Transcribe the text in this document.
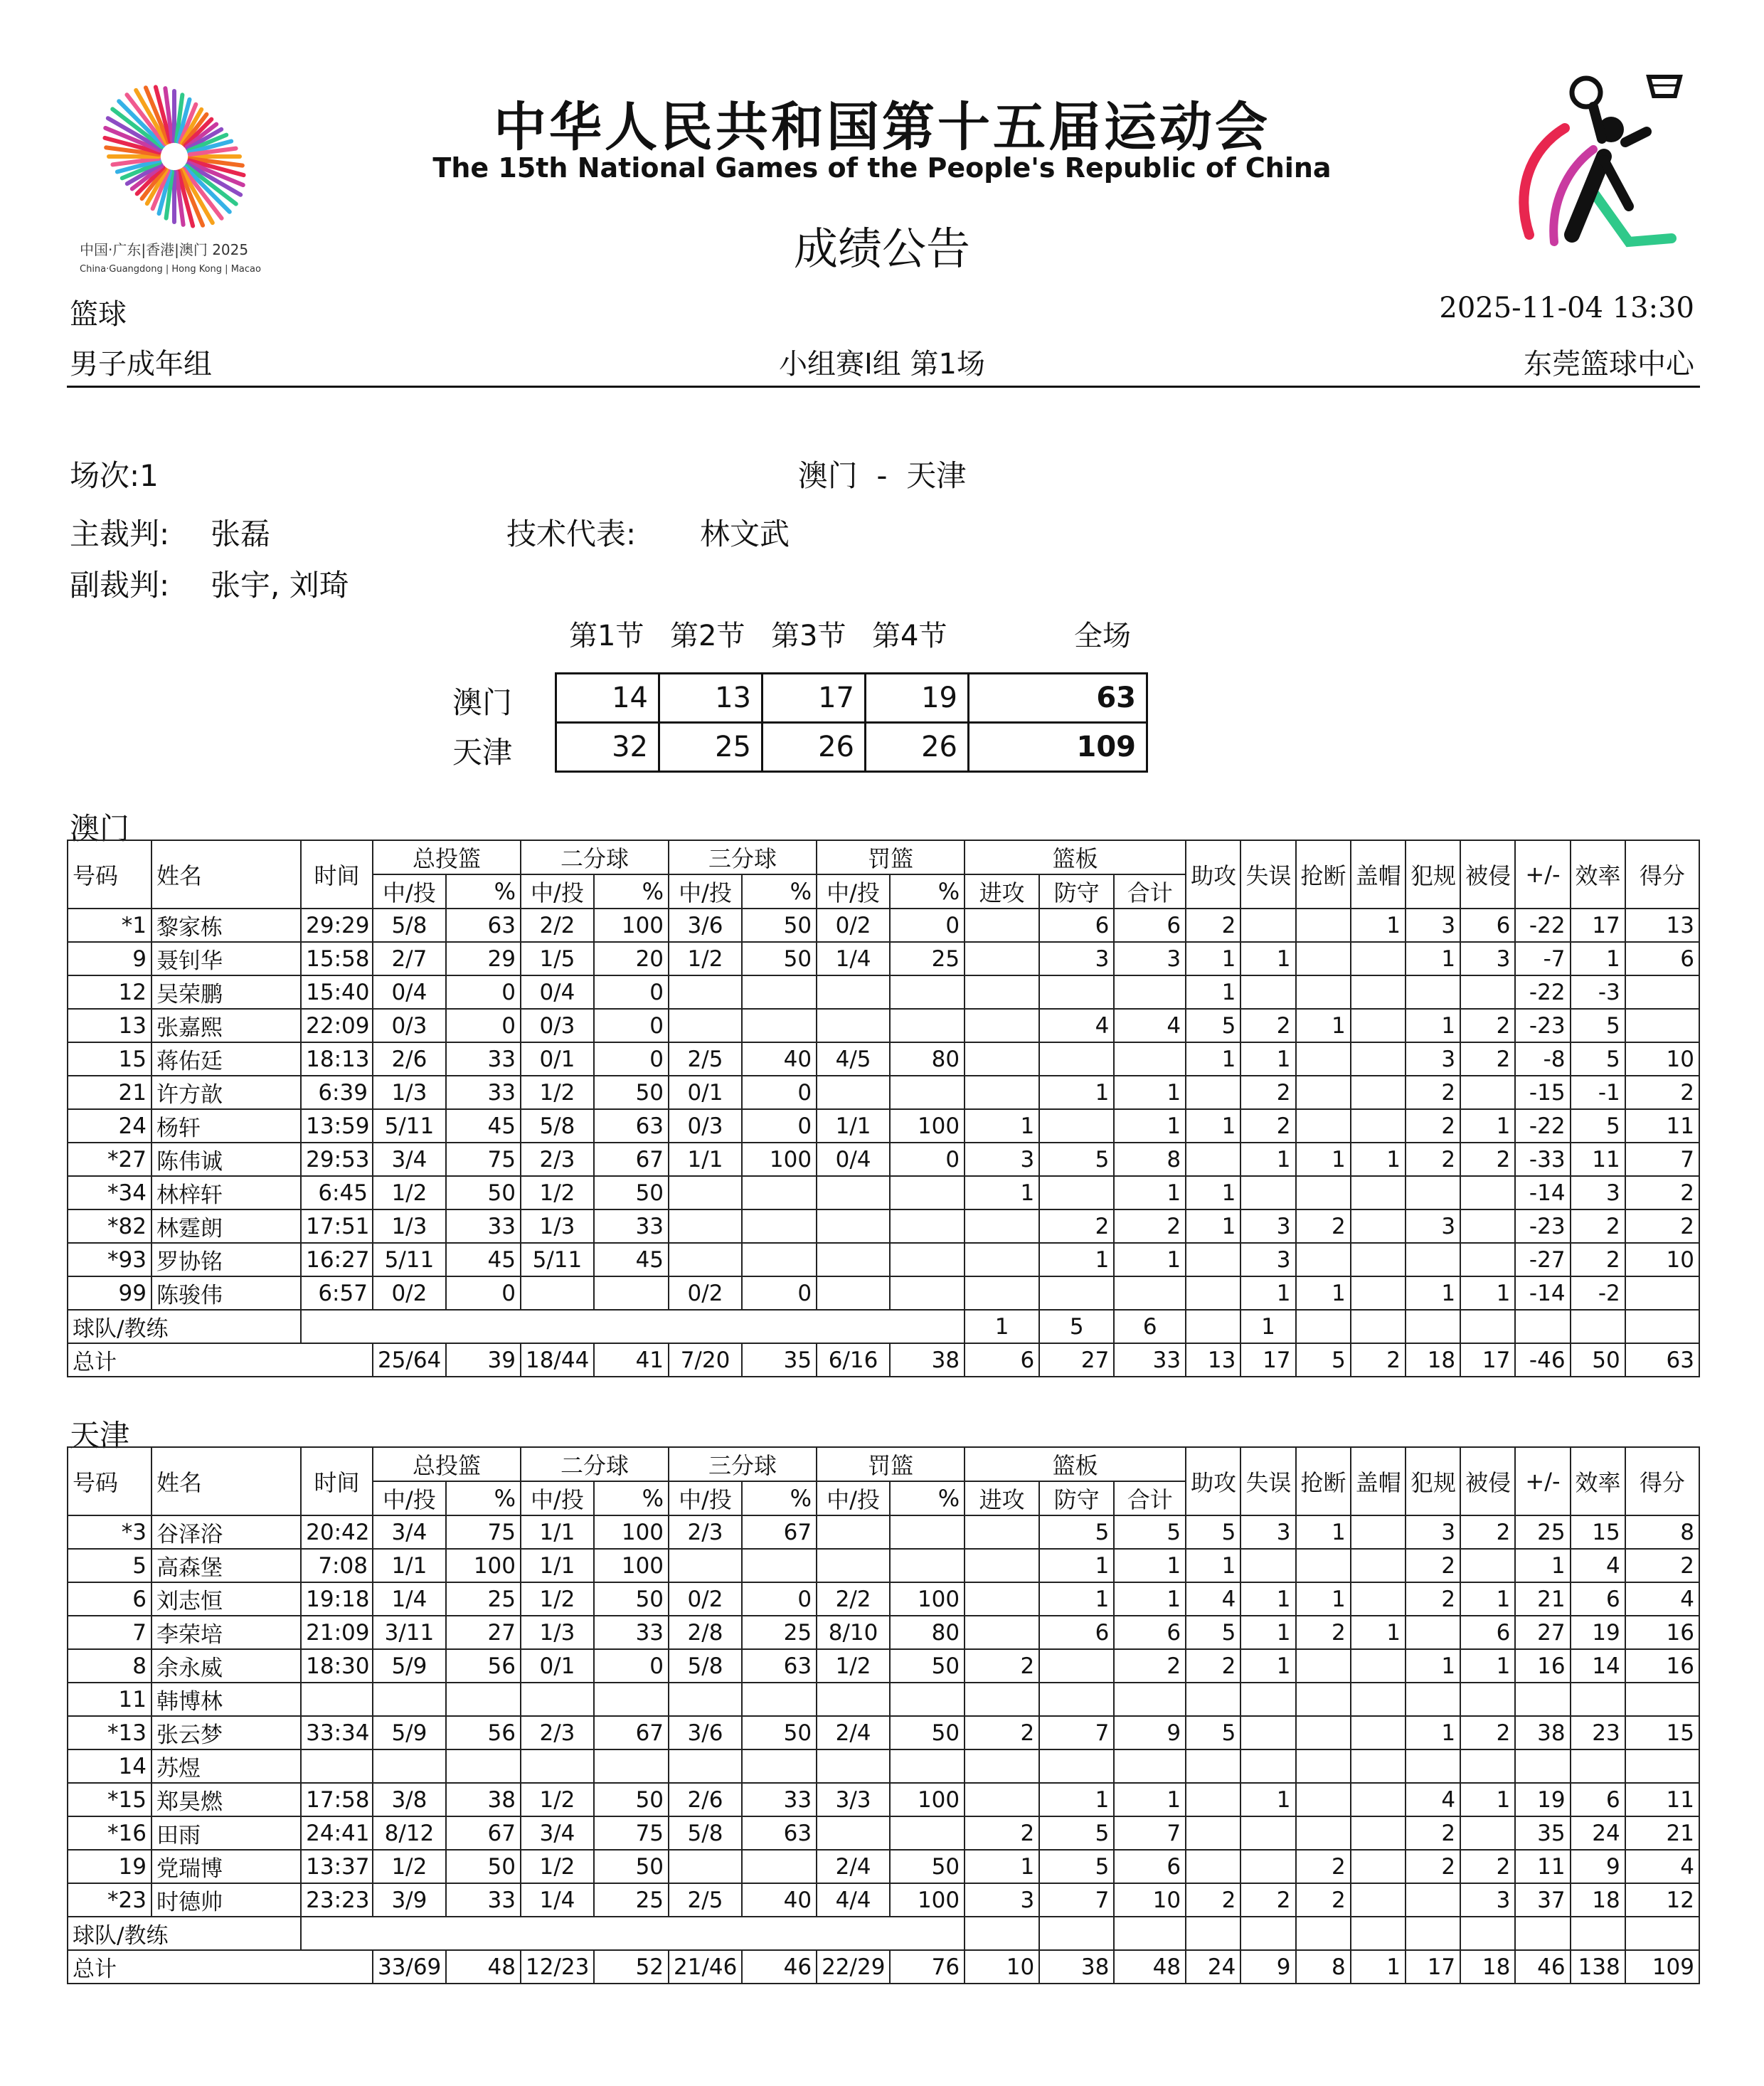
中国·广东|香港|澳门 2025
China·Guangdong | Hong Kong | Macao
中华人民共和国第十五届运动会
The 15th National Games of the People's Republic of China
成绩公告
篮球	2025-11-04 13:30
男子成年组	小组赛I组 第1场	东莞篮球中心
场次:1	澳门  -  天津
主裁判: 张磊	技术代表: 林文武
副裁判: 张宇, 刘琦
第1节 第2节 第3节 第4节	全场
澳门
天津
14	13	17	19	63
32	25	26	26	109
澳门
号码	姓名	时间	总投篮		二分球		三分球		罚篮		篮板			助攻	失误	抢断	盖帽	犯规	被侵	+/-	效率	得分
			中/投	%	中/投	%	中/投	%	中/投	%	进攻	防守	合计									
*1	黎家栋	29:29	5/8	63	2/2	100	3/6	50	0/2	0		6	6	2			1	3	6	-22	17	13
9	聂钊华	15:58	2/7	29	1/5	20	1/2	50	1/4	25		3	3	1	1			1	3	-7	1	6
12	吴荣鹏	15:40	0/4	0	0/4	0								1						-22	-3	
13	张嘉熙	22:09	0/3	0	0/3	0						4	4	5	2	1		1	2	-23	5	
15	蒋佑廷	18:13	2/6	33	0/1	0	2/5	40	4/5	80				1	1			3	2	-8	5	10
21	许方歆	6:39	1/3	33	1/2	50	0/1	0				1	1		2			2		-15	-1	2
24	杨轩	13:59	5/11	45	5/8	63	0/3	0	1/1	100	1		1	1	2			2	1	-22	5	11
*27	陈伟诚	29:53	3/4	75	2/3	67	1/1	100	0/4	0	3	5	8		1	1	1	2	2	-33	11	7
*34	林梓轩	6:45	1/2	50	1/2	50					1		1	1						-14	3	2
*82	林霆朗	17:51	1/3	33	1/3	33						2	2	1	3	2		3		-23	2	2
*93	罗协铭	16:27	5/11	45	5/11	45						1	1		3					-27	2	10
99	陈骏伟	6:57	0/2	0			0/2	0							1	1		1	1	-14	-2	
球队/教练											1	5	6		1							
总计			25/64	39	18/44	41	7/20	35	6/16	38	6	27	33	13	17	5	2	18	17	-46	50	63
天津
号码	姓名	时间	总投篮		二分球		三分球		罚篮		篮板			助攻	失误	抢断	盖帽	犯规	被侵	+/-	效率	得分
			中/投	%	中/投	%	中/投	%	中/投	%	进攻	防守	合计									
*3	谷泽浴	20:42	3/4	75	1/1	100	2/3	67				5	5	5	3	1		3	2	25	15	8
5	高森堡	7:08	1/1	100	1/1	100						1	1	1				2		1	4	2
6	刘志恒	19:18	1/4	25	1/2	50	0/2	0	2/2	100		1	1	4	1	1		2	1	21	6	4
7	李荣培	21:09	3/11	27	1/3	33	2/8	25	8/10	80		6	6	5	1	2	1		6	27	19	16
8	余永威	18:30	5/9	56	0/1	0	5/8	63	1/2	50	2		2	2	1			1	1	16	14	16
11	韩博林																					
*13	张云梦	33:34	5/9	56	2/3	67	3/6	50	2/4	50	2	7	9	5				1	2	38	23	15
14	苏煜																					
*15	郑昊燃	17:58	3/8	38	1/2	50	2/6	33	3/3	100		1	1		1			4	1	19	6	11
*16	田雨	24:41	8/12	67	3/4	75	5/8	63			2	5	7					2		35	24	21
19	党瑞博	13:37	1/2	50	1/2	50			2/4	50	1	5	6			2		2	2	11	9	4
*23	时德帅	23:23	3/9	33	1/4	25	2/5	40	4/4	100	3	7	10	2	2	2			3	37	18	12
球队/教练																						
总计			33/69	48	12/23	52	21/46	46	22/29	76	10	38	48	24	9	8	1	17	18	46	138	109
